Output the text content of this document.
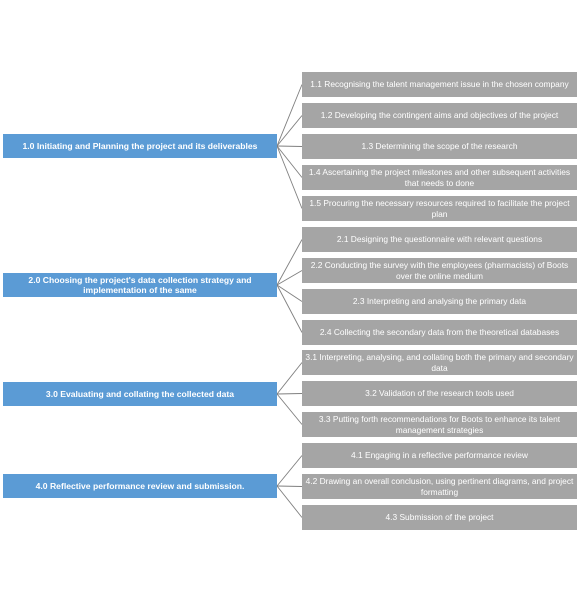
1.0 Initiating and Planning the project and its deliverables
2.0 Choosing the project's data collection strategy and implementation of the same
3.0 Evaluating and collating the collected data
4.0 Reflective performance review and submission.
1.1 Recognising the talent management issue in the chosen company
1.2 Developing the contingent aims and objectives of the project
1.3 Determining the scope of the research
1.4 Ascertaining the project milestones and other subsequent activities that needs to done
1.5 Procuring the necessary resources required to facilitate the project plan
2.1 Designing the questionnaire with relevant questions
2.2 Conducting the survey with the employees (pharmacists) of Boots over the online medium
2.3 Interpreting and analysing the primary data
2.4 Collecting the secondary data from the theoretical databases
3.1 Interpreting, analysing, and collating both the primary and secondary data
3.2 Validation of the research tools used
3.3 Putting forth recommendations for Boots to enhance its talent management strategies
4.1 Engaging in a reflective performance review
4.2 Drawing an overall conclusion, using pertinent diagrams, and project formatting
4.3 Submission of the project
